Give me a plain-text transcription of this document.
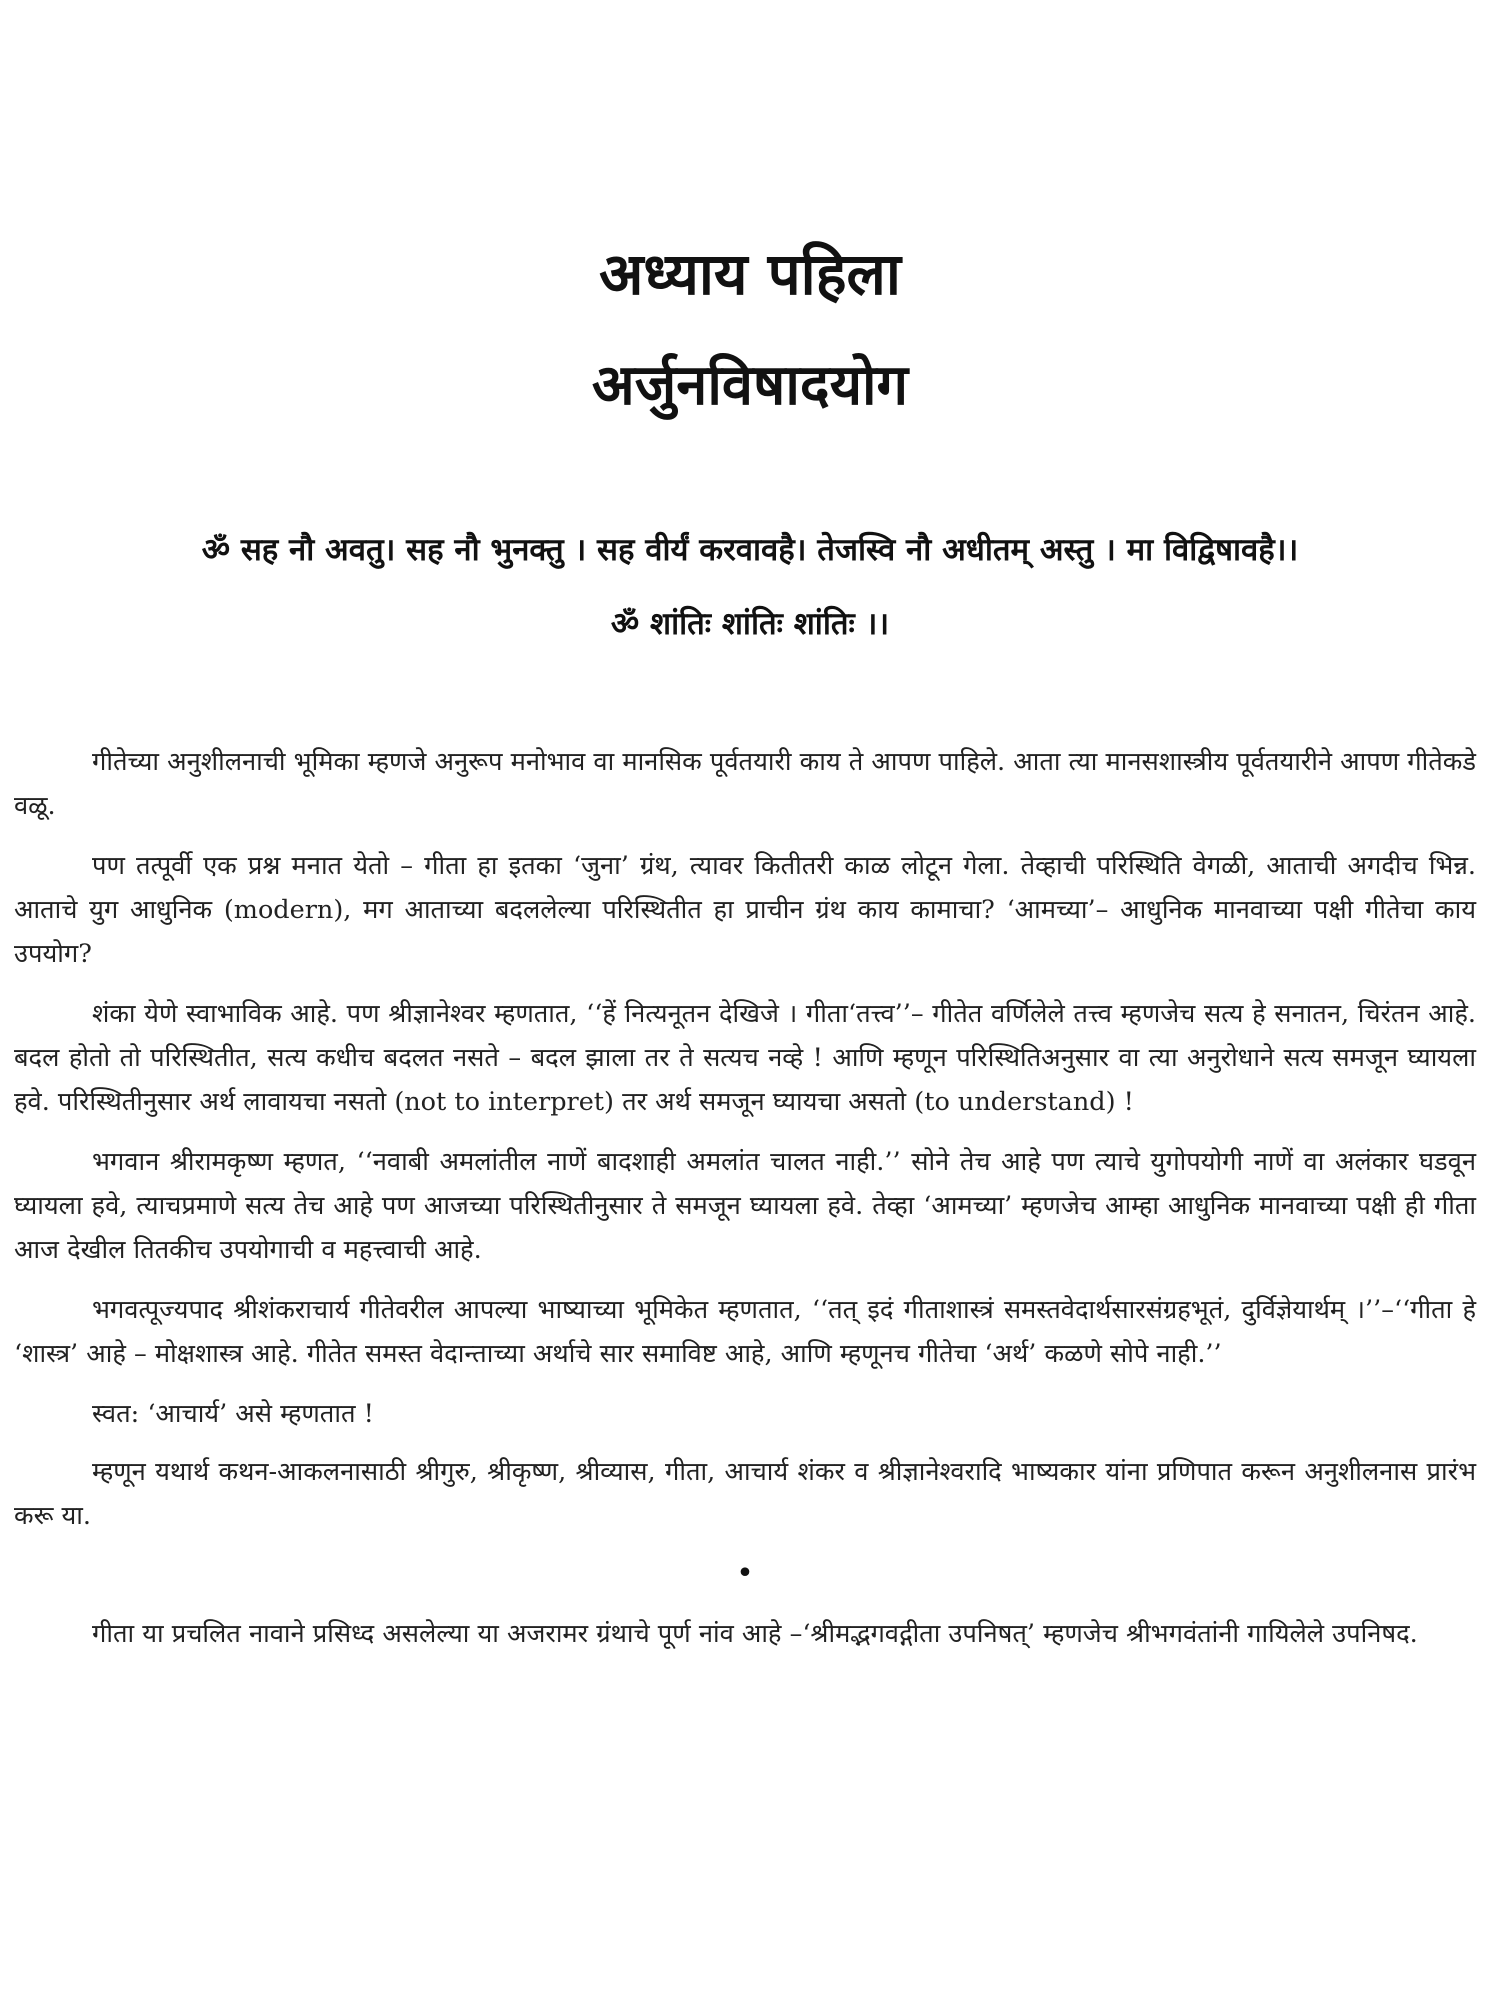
अध्याय पहिला
अर्जुनविषादयोग
ॐ सह नौ अवतु। सह नौ भुनक्तु । सह वीर्यं करवावहै। तेजस्वि नौ अधीतम् अस्तु । मा विद्विषावहै।।
ॐ शांतिः शांतिः शांतिः ।।

गीतेच्या अनुशीलनाची भूमिका म्हणजे अनुरूप मनोभाव वा मानसिक पूर्वतयारी काय ते आपण पाहिले. आता त्या मानसशास्त्रीय पूर्वतयारीने आपण गीतेकडे वळू.

पण तत्पूर्वी एक प्रश्न मनात येतो – गीता हा इतका ‘जुना’ ग्रंथ, त्यावर कितीतरी काळ लोटून गेला. तेव्हाची परिस्थिति वेगळी, आताची अगदीच भिन्न. आताचे युग आधुनिक (modern), मग आताच्या बदललेल्या परिस्थितीत हा प्राचीन ग्रंथ काय कामाचा? ‘आमच्या’– आधुनिक मानवाच्या पक्षी गीतेचा काय उपयोग?

शंका येणे स्वाभाविक आहे. पण श्रीज्ञानेश्वर म्हणतात, ‘‘हें नित्यनूतन देखिजे । गीता‘तत्त्व’’– गीतेत वर्णिलेले तत्त्व म्हणजेच सत्य हे सनातन, चिरंतन आहे. बदल होतो तो परिस्थितीत, सत्य कधीच बदलत नसते – बदल झाला तर ते सत्यच नव्हे ! आणि म्हणून परिस्थितिअनुसार वा त्या अनुरोधाने सत्य समजून घ्यायला हवे. परिस्थितीनुसार अर्थ लावायचा नसतो (not to interpret) तर अर्थ समजून घ्यायचा असतो (to understand) !

भगवान श्रीरामकृष्ण म्हणत, ‘‘नवाबी अमलांतील नाणें बादशाही अमलांत चालत नाही.’’ सोने तेच आहे पण त्याचे युगोपयोगी नाणें वा अलंकार घडवून घ्यायला हवे, त्याचप्रमाणे सत्य तेच आहे पण आजच्या परिस्थितीनुसार ते समजून घ्यायला हवे. तेव्हा ‘आमच्या’ म्हणजेच आम्हा आधुनिक मानवाच्या पक्षी ही गीता आज देखील तितकीच उपयोगाची व महत्त्वाची आहे.

भगवत्पूज्यपाद श्रीशंकराचार्य गीतेवरील आपल्या भाष्याच्या भूमिकेत म्हणतात, ‘‘तत् इदं गीताशास्त्रं समस्तवेदार्थसारसंग्रहभूतं, दुर्विज्ञेयार्थम् ।’’–‘‘गीता हे ‘शास्त्र’ आहे – मोक्षशास्त्र आहे. गीतेत समस्त वेदान्ताच्या अर्थाचे सार समाविष्ट आहे, आणि म्हणूनच गीतेचा ‘अर्थ’ कळणे सोपे नाही.’’

स्वत: ‘आचार्य’ असे म्हणतात !

म्हणून यथार्थ कथन-आकलनासाठी श्रीगुरु, श्रीकृष्ण, श्रीव्यास, गीता, आचार्य शंकर व श्रीज्ञानेश्वरादि भाष्यकार यांना प्रणिपात करून अनुशीलनास प्रारंभ करू या.

•

गीता या प्रचलित नावाने प्रसिध्द असलेल्या या अजरामर ग्रंथाचे पूर्ण नांव आहे –‘श्रीमद्भगवद्गीता उपनिषत्’ म्हणजेच श्रीभगवंतांनी गायिलेले उपनिषद.
